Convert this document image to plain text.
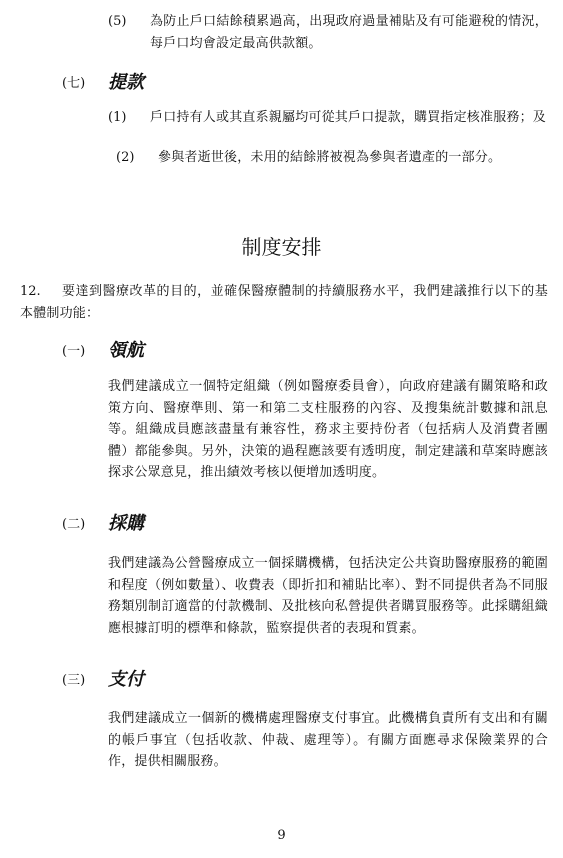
(5) 為防止戶口結餘積累過高，出現政府過量補貼及有可能避稅的情況，每戶口均會設定最高供款額。
(七) 提款
(1) 戶口持有人或其直系親屬均可從其戶口提款，購買指定核准服務；及
(2) 參與者逝世後，未用的結餘將被視為參與者遺產的一部分。
制度安排
12.	要達到醫療改革的目的，並確保醫療體制的持續服務水平，我們建議推行以下的基本體制功能：
(一) 領航
我們建議成立一個特定組織（例如醫療委員會），向政府建議有關策略和政策方向、醫療準則、第一和第二支柱服務的內容、及搜集統計數據和訊息等。組織成員應該盡量有兼容性，務求主要持份者（包括病人及消費者團體）都能參與。另外，決策的過程應該要有透明度，制定建議和草案時應該探求公眾意見，推出績效考核以便增加透明度。
(二) 採購
我們建議為公營醫療成立一個採購機構，包括決定公共資助醫療服務的範圍和程度（例如數量）、收費表（即折扣和補貼比率）、對不同提供者為不同服務類別制訂適當的付款機制、及批核向私營提供者購買服務等。此採購組織應根據訂明的標準和條款，監察提供者的表現和質素。
(三) 支付
我們建議成立一個新的機構處理醫療支付事宜。此機構負責所有支出和有關的帳戶事宜（包括收款、仲裁、處理等）。有關方面應尋求保險業界的合作，提供相關服務。
9
